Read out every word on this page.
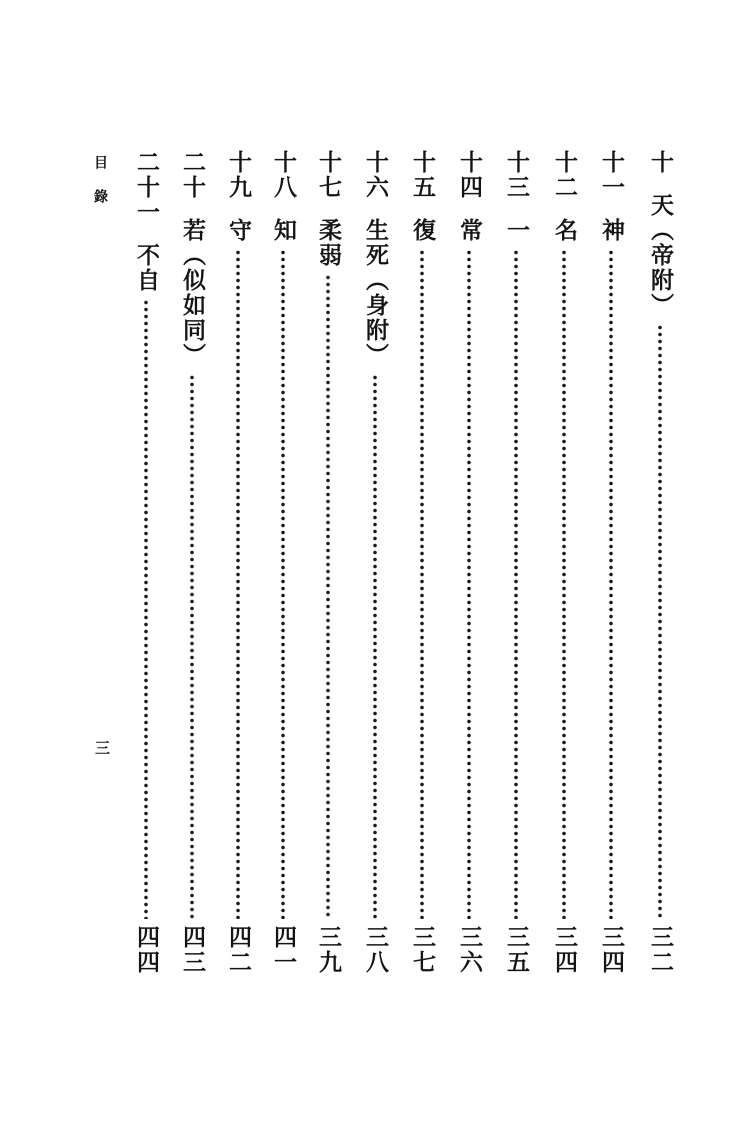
十
天（帝附）
三二
十一
神
三四
十二
名
三四
十三
一
三五
十四
常
三六
十五
復
三七
十六
生死（身附）
三八
十七
柔弱
三九
十八
知
四一
十九
守
四二
二十
若（似如同）
四三
二十一
不自
四四
目錄
三
